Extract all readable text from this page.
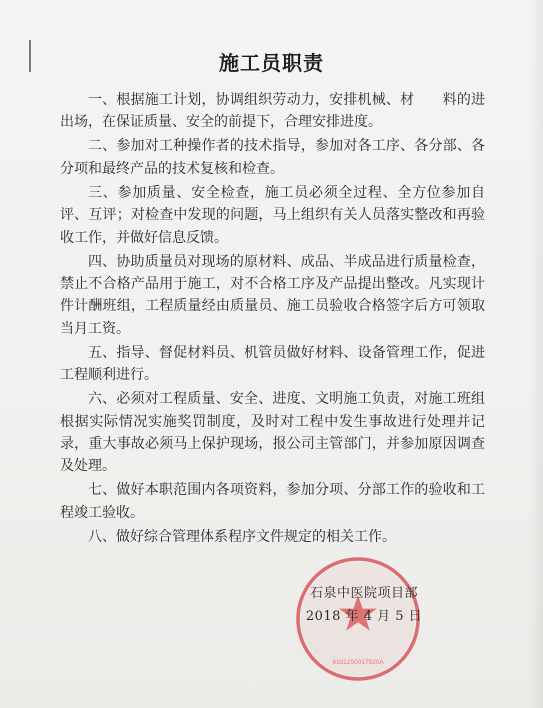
施工员职责

一、根据施工计划，协调组织劳动力，安排机械、材　　料的进出场，在保证质量、安全的前提下，合理安排进度。

二、参加对工种操作者的技术指导，参加对各工序、各分部、各分项和最终产品的技术复核和检查。

三、参加质量、安全检查，施工员必须全过程、全方位参加自评、互评；对检查中发现的问题，马上组织有关人员落实整改和再验收工作，并做好信息反馈。

四、协助质量员对现场的原材料、成品、半成品进行质量检查，禁止不合格产品用于施工，对不合格工序及产品提出整改。凡实现计件计酬班组，工程质量经由质量员、施工员验收合格签字后方可领取当月工资。

五、指导、督促材料员、机管员做好材料、设备管理工作，促进工程顺利进行。

六、必须对工程质量、安全、进度、文明施工负责，对施工班组根据实际情况实施奖罚制度，及时对工程中发生事故进行处理并记录，重大事故必须马上保护现场，报公司主管部门，并参加原因调查及处理。

七、做好本职范围内各项资料，参加分项、分部工作的验收和工程竣工验收。

八、做好综合管理体系程序文件规定的相关工作。

6101250017520A
石泉中医院项目部
2018 年 4 月 5 日
